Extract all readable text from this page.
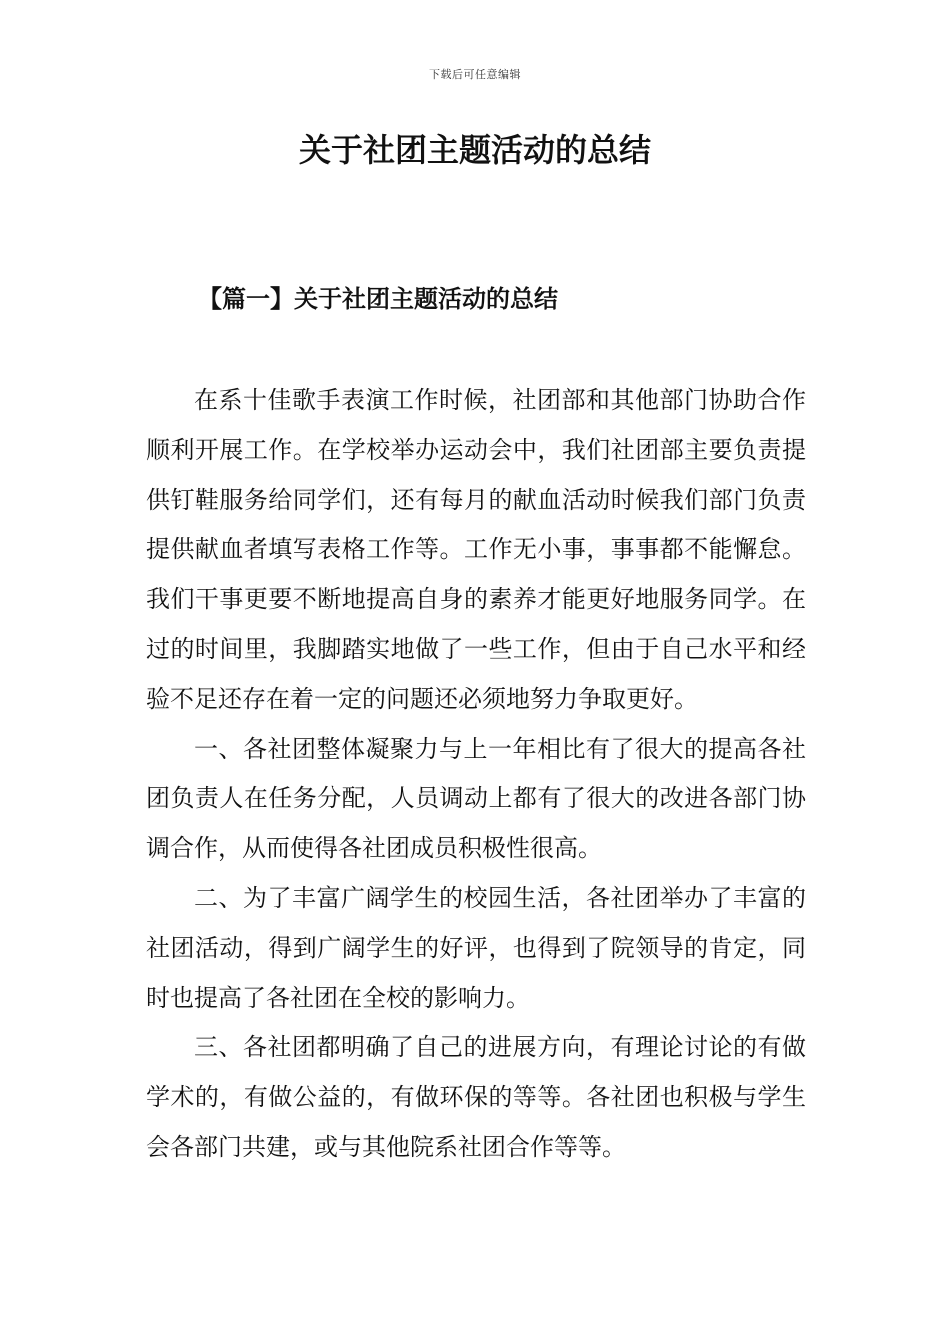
下载后可任意编辑
关于社团主题活动的总结
【篇一】关于社团主题活动的总结

在系十佳歌手表演工作时候，社团部和其他部门协助合作顺利开展工作。在学校举办运动会中，我们社团部主要负责提供钉鞋服务给同学们，还有每月的献血活动时候我们部门负责提供献血者填写表格工作等。工作无小事，事事都不能懈怠。我们干事更要不断地提高自身的素养才能更好地服务同学。在过的时间里，我脚踏实地做了一些工作，但由于自己水平和经验不足还存在着一定的问题还必须地努力争取更好。

一、各社团整体凝聚力与上一年相比有了很大的提高各社团负责人在任务分配，人员调动上都有了很大的改进各部门协调合作，从而使得各社团成员积极性很高。

二、为了丰富广阔学生的校园生活，各社团举办了丰富的社团活动，得到广阔学生的好评，也得到了院领导的肯定，同时也提高了各社团在全校的影响力。

三、各社团都明确了自己的进展方向，有理论讨论的有做学术的，有做公益的，有做环保的等等。各社团也积极与学生会各部门共建，或与其他院系社团合作等等。
